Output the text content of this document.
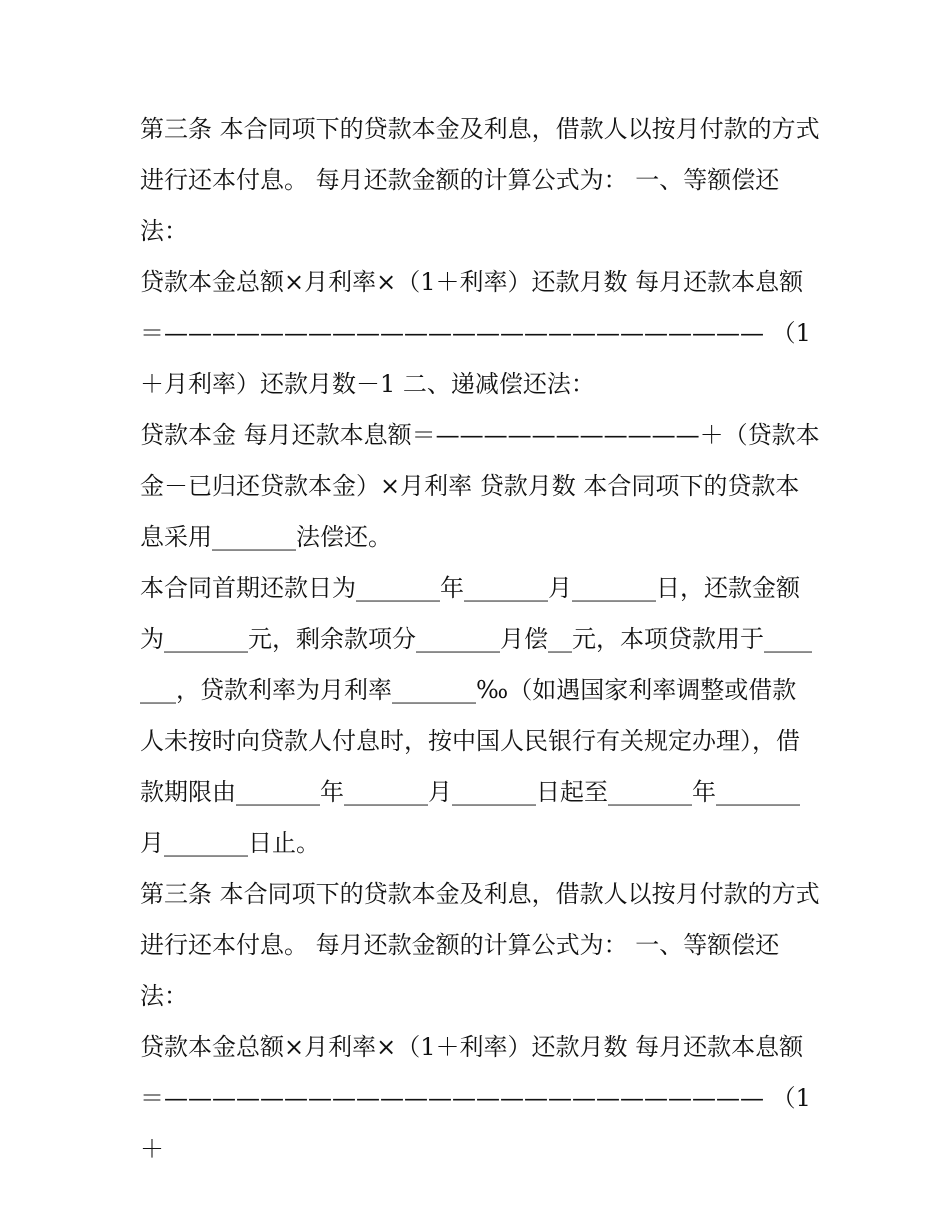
第三条 本合同项下的贷款本金及利息，借款人以按月付款的方式进行还本付息。 每月还款金额的计算公式为： 一、等额偿还法：

贷款本金总额×月利率×（1＋利率）还款月数 每月还款本息额＝————————————————————————— （1＋月利率）还款月数－1 二、递减偿还法：

贷款本金 每月还款本息额＝———————————＋（贷款本金－已归还贷款本金）×月利率 贷款月数 本合同项下的贷款本息采用_______法偿还。

本合同首期还款日为_______年_______月_______日，还款金额为_______元，剩余款项分_______月偿__元，本项贷款用于_______，贷款利率为月利率_______‰（如遇国家利率调整或借款人未按时向贷款人付息时，按中国人民银行有关规定办理），借款期限由_______年_______月_______日起至_______年_______月_______日止。

第三条 本合同项下的贷款本金及利息，借款人以按月付款的方式进行还本付息。 每月还款金额的计算公式为： 一、等额偿还法：

贷款本金总额×月利率×（1＋利率）还款月数 每月还款本息额＝————————————————————————— （1＋
